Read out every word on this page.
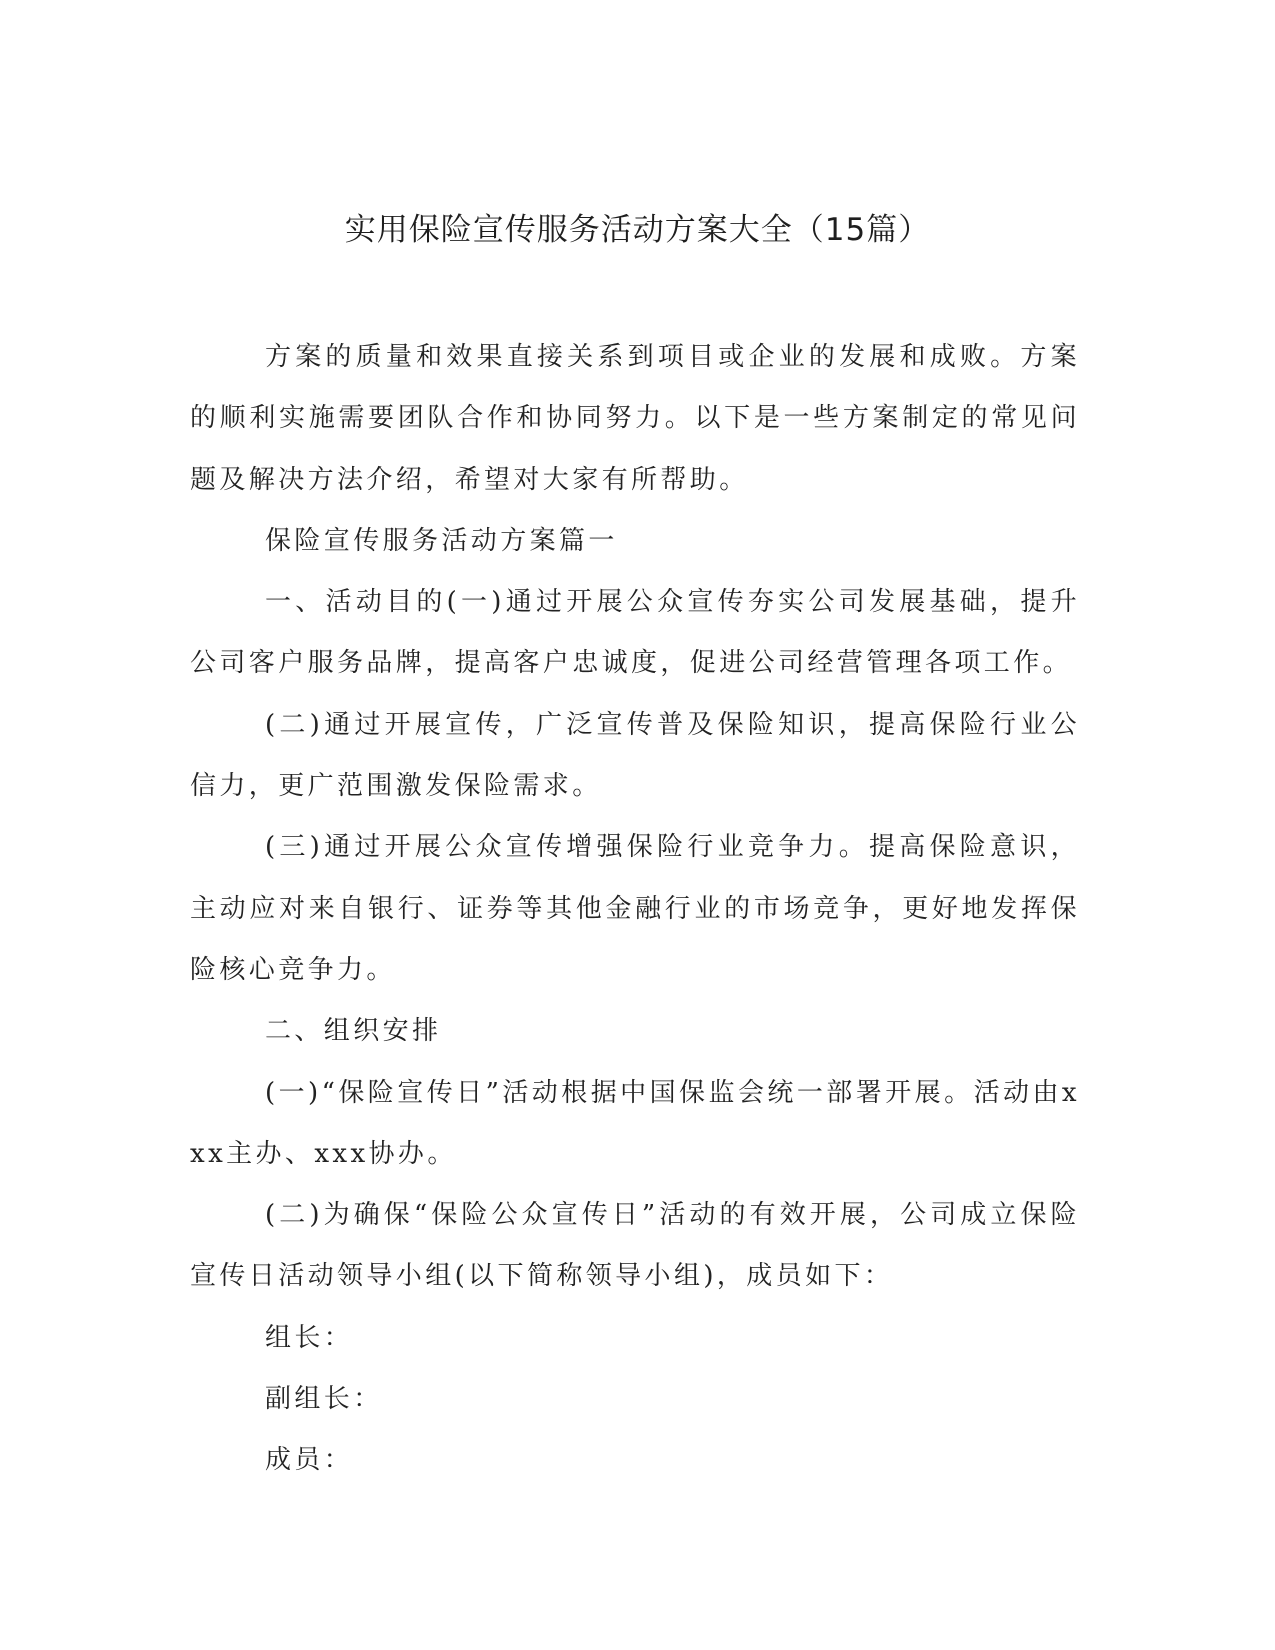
实用保险宣传服务活动方案大全（15篇）

方案的质量和效果直接关系到项目或企业的发展和成败。方案的顺利实施需要团队合作和协同努力。以下是一些方案制定的常见问题及解决方法介绍，希望对大家有所帮助。

保险宣传服务活动方案篇一

一、活动目的(一)通过开展公众宣传夯实公司发展基础，提升公司客户服务品牌，提高客户忠诚度，促进公司经营管理各项工作。

(二)通过开展宣传，广泛宣传普及保险知识，提高保险行业公信力，更广范围激发保险需求。

(三)通过开展公众宣传增强保险行业竞争力。提高保险意识，主动应对来自银行、证券等其他金融行业的市场竞争，更好地发挥保险核心竞争力。

二、组织安排

(一)“保险宣传日”活动根据中国保监会统一部署开展。活动由xxx主办、xxx协办。

(二)为确保“保险公众宣传日”活动的有效开展，公司成立保险宣传日活动领导小组(以下简称领导小组)，成员如下：

组长：

副组长：

成员：
